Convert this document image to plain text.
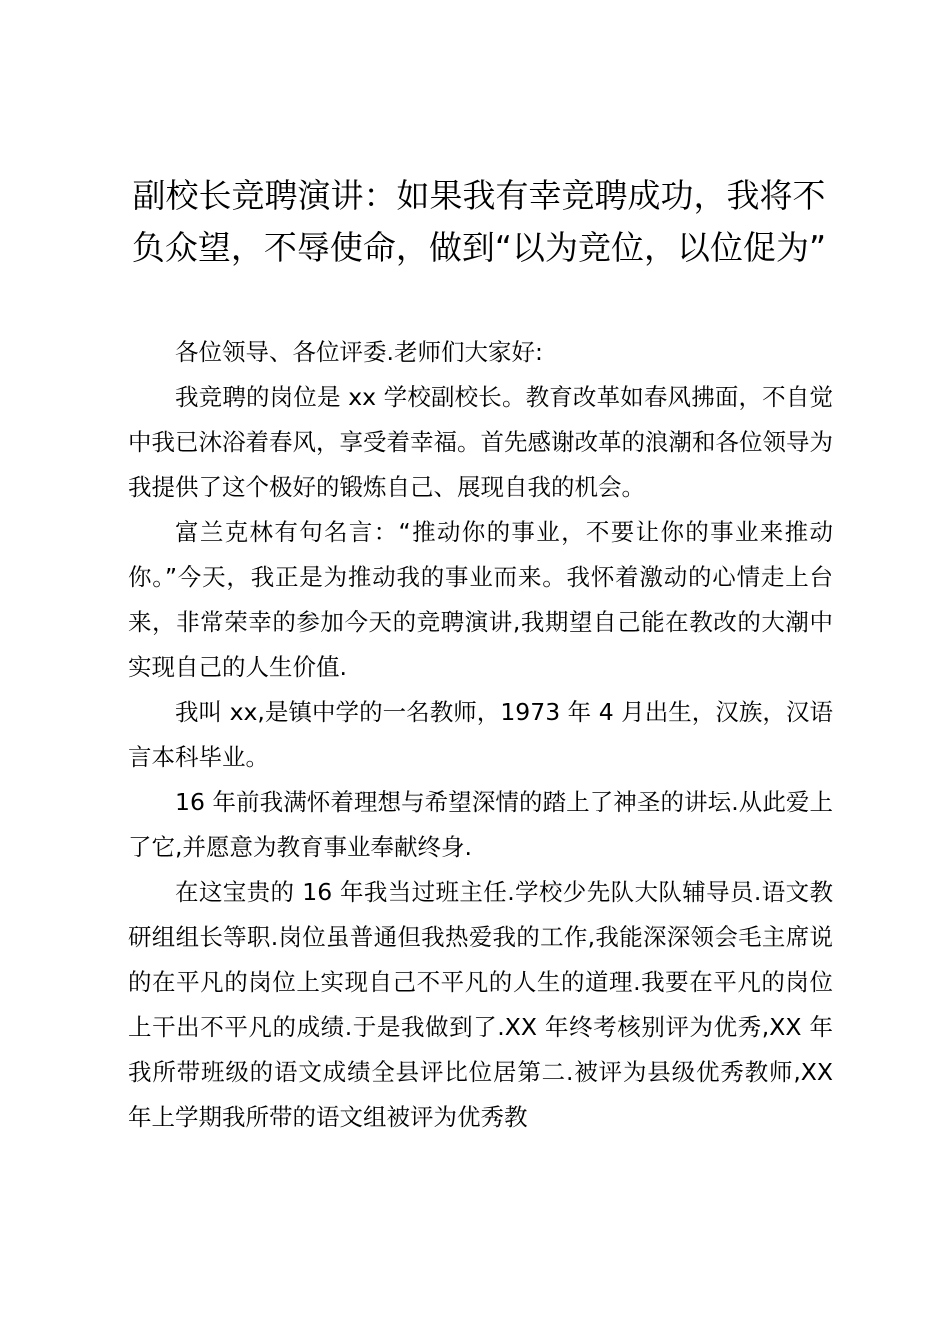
副校长竞聘演讲：如果我有幸竞聘成功，我将不负众望，不辱使命，做到“以为竞位，以位促为”

各位领导、各位评委.老师们大家好:

我竞聘的岗位是 xx 学校副校长。教育改革如春风拂面，不自觉中我已沐浴着春风，享受着幸福。首先感谢改革的浪潮和各位领导为我提供了这个极好的锻炼自己、展现自我的机会。

富兰克林有句名言：“推动你的事业，不要让你的事业来推动你。”今天，我正是为推动我的事业而来。我怀着激动的心情走上台来，非常荣幸的参加今天的竞聘演讲,我期望自己能在教改的大潮中实现自己的人生价值.

我叫 xx,是镇中学的一名教师，1973 年 4 月出生，汉族，汉语言本科毕业。

16 年前我满怀着理想与希望深情的踏上了神圣的讲坛.从此爱上了它,并愿意为教育事业奉献终身.

在这宝贵的 16 年我当过班主任.学校少先队大队辅导员.语文教研组组长等职.岗位虽普通但我热爱我的工作,我能深深领会毛主席说的在平凡的岗位上实现自己不平凡的人生的道理.我要在平凡的岗位上干出不平凡的成绩.于是我做到了.XX 年终考核别评为优秀,XX 年我所带班级的语文成绩全县评比位居第二.被评为县级优秀教师,XX 年上学期我所带的语文组被评为优秀教
